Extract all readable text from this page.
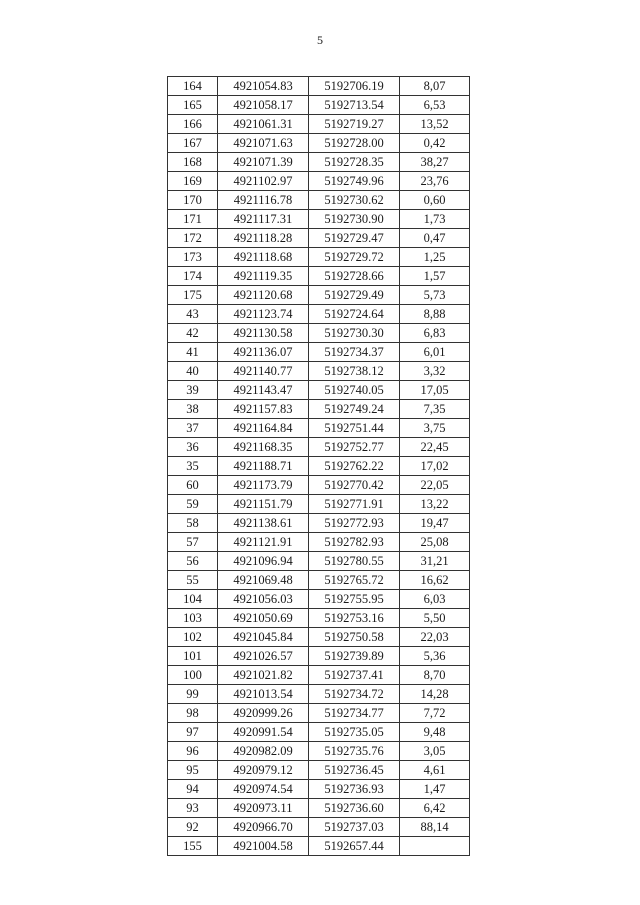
5
164	4921054.83	5192706.19	8,07
165	4921058.17	5192713.54	6,53
166	4921061.31	5192719.27	13,52
167	4921071.63	5192728.00	0,42
168	4921071.39	5192728.35	38,27
169	4921102.97	5192749.96	23,76
170	4921116.78	5192730.62	0,60
171	4921117.31	5192730.90	1,73
172	4921118.28	5192729.47	0,47
173	4921118.68	5192729.72	1,25
174	4921119.35	5192728.66	1,57
175	4921120.68	5192729.49	5,73
43	4921123.74	5192724.64	8,88
42	4921130.58	5192730.30	6,83
41	4921136.07	5192734.37	6,01
40	4921140.77	5192738.12	3,32
39	4921143.47	5192740.05	17,05
38	4921157.83	5192749.24	7,35
37	4921164.84	5192751.44	3,75
36	4921168.35	5192752.77	22,45
35	4921188.71	5192762.22	17,02
60	4921173.79	5192770.42	22,05
59	4921151.79	5192771.91	13,22
58	4921138.61	5192772.93	19,47
57	4921121.91	5192782.93	25,08
56	4921096.94	5192780.55	31,21
55	4921069.48	5192765.72	16,62
104	4921056.03	5192755.95	6,03
103	4921050.69	5192753.16	5,50
102	4921045.84	5192750.58	22,03
101	4921026.57	5192739.89	5,36
100	4921021.82	5192737.41	8,70
99	4921013.54	5192734.72	14,28
98	4920999.26	5192734.77	7,72
97	4920991.54	5192735.05	9,48
96	4920982.09	5192735.76	3,05
95	4920979.12	5192736.45	4,61
94	4920974.54	5192736.93	1,47
93	4920973.11	5192736.60	6,42
92	4920966.70	5192737.03	88,14
155	4921004.58	5192657.44	
